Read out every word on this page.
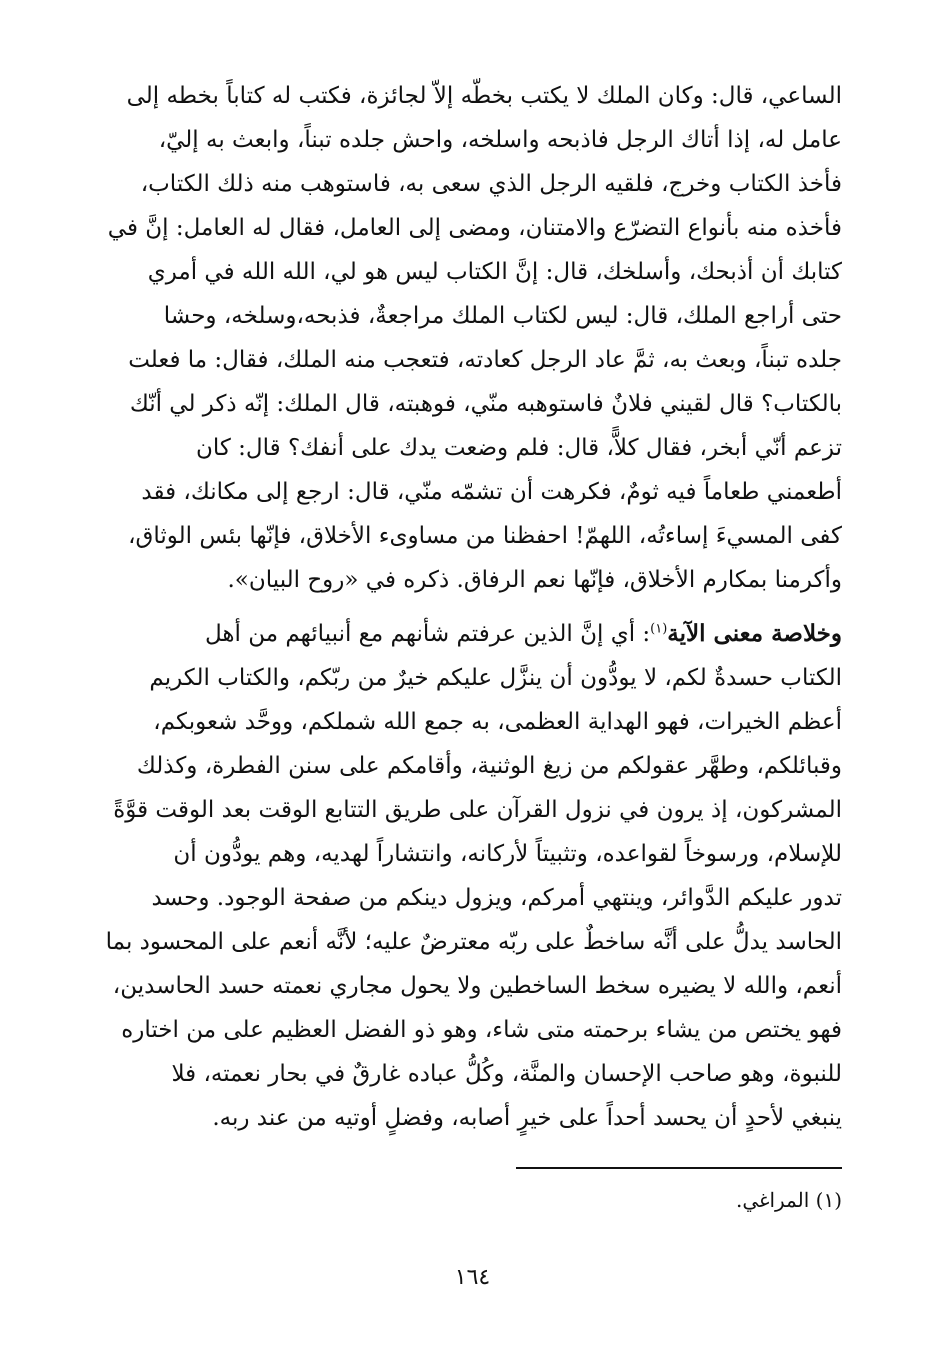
الساعي، قال: وكان الملك لا يكتب بخطّه إلاّ لجائزة، فكتب له كتاباً بخطه إلى
عامل له، إذا أتاك الرجل فاذبحه واسلخه، واحش جلده تبناً، وابعث به إليّ،
فأخذ الكتاب وخرج، فلقيه الرجل الذي سعى به، فاستوهب منه ذلك الكتاب،
فأخذه منه بأنواع التضرّع والامتنان، ومضى إلى العامل، فقال له العامل: إنَّ في
كتابك أن أذبحك، وأسلخك، قال: إنَّ الكتاب ليس هو لي، الله الله في أمري
حتى أراجع الملك، قال: ليس لكتاب الملك مراجعةٌ، فذبحه،وسلخه، وحشا
جلده تبناً، وبعث به، ثمَّ عاد الرجل كعادته، فتعجب منه الملك، فقال: ما فعلت
بالكتاب؟ قال لقيني فلانٌ فاستوهبه منّي، فوهبته، قال الملك: إنّه ذكر لي أنّك
تزعم أنّي أبخر، فقال كلاًّ، قال: فلم وضعت يدك على أنفك؟ قال: كان
أطعمني طعاماً فيه ثومٌ، فكرهت أن تشمّه منّي، قال: ارجع إلى مكانك، فقد
كفى المسيءَ إساءتُه، اللهمّ! احفظنا من مساوىء الأخلاق، فإنّها بئس الوثاق،
وأكرمنا بمكارم الأخلاق، فإنّها نعم الرفاق. ذكره في «روح البيان».
وخلاصة معنى الآية$^{(١)}$: أي إنَّ الذين عرفتم شأنهم مع أنبيائهم من أهل
الكتاب حسدةٌ لكم، لا يودُّون أن ينزَّل عليكم خيرٌ من ربّكم، والكتاب الكريم
أعظم الخيرات، فهو الهداية العظمى، به جمع الله شملكم، ووحَّد شعوبكم،
وقبائلكم، وطهَّر عقولكم من زيغ الوثنية، وأقامكم على سنن الفطرة، وكذلك
المشركون، إذ يرون في نزول القرآن على طريق التتابع الوقت بعد الوقت قوَّةً
للإسلام، ورسوخاً لقواعده، وتثبيتاً لأركانه، وانتشاراً لهديه، وهم يودُّون أن
تدور عليكم الدَّوائر، وينتهي أمركم، ويزول دينكم من صفحة الوجود. وحسد
الحاسد يدلُّ على أنَّه ساخطٌ على ربّه معترضٌ عليه؛ لأنَّه أنعم على المحسود بما
أنعم، والله لا يضيره سخط الساخطين ولا يحول مجاري نعمته حسد الحاسدين،
فهو يختص من يشاء برحمته متى شاء، وهو ذو الفضل العظيم على من اختاره
للنبوة، وهو صاحب الإحسان والمنَّة، وكُلُّ عباده غارقٌ في بحار نعمته، فلا
ينبغي لأحدٍ أن يحسد أحداً على خيرٍ أصابه، وفضلٍ أوتيه من عند ربه.
(١) المراغي.
١٦٤
